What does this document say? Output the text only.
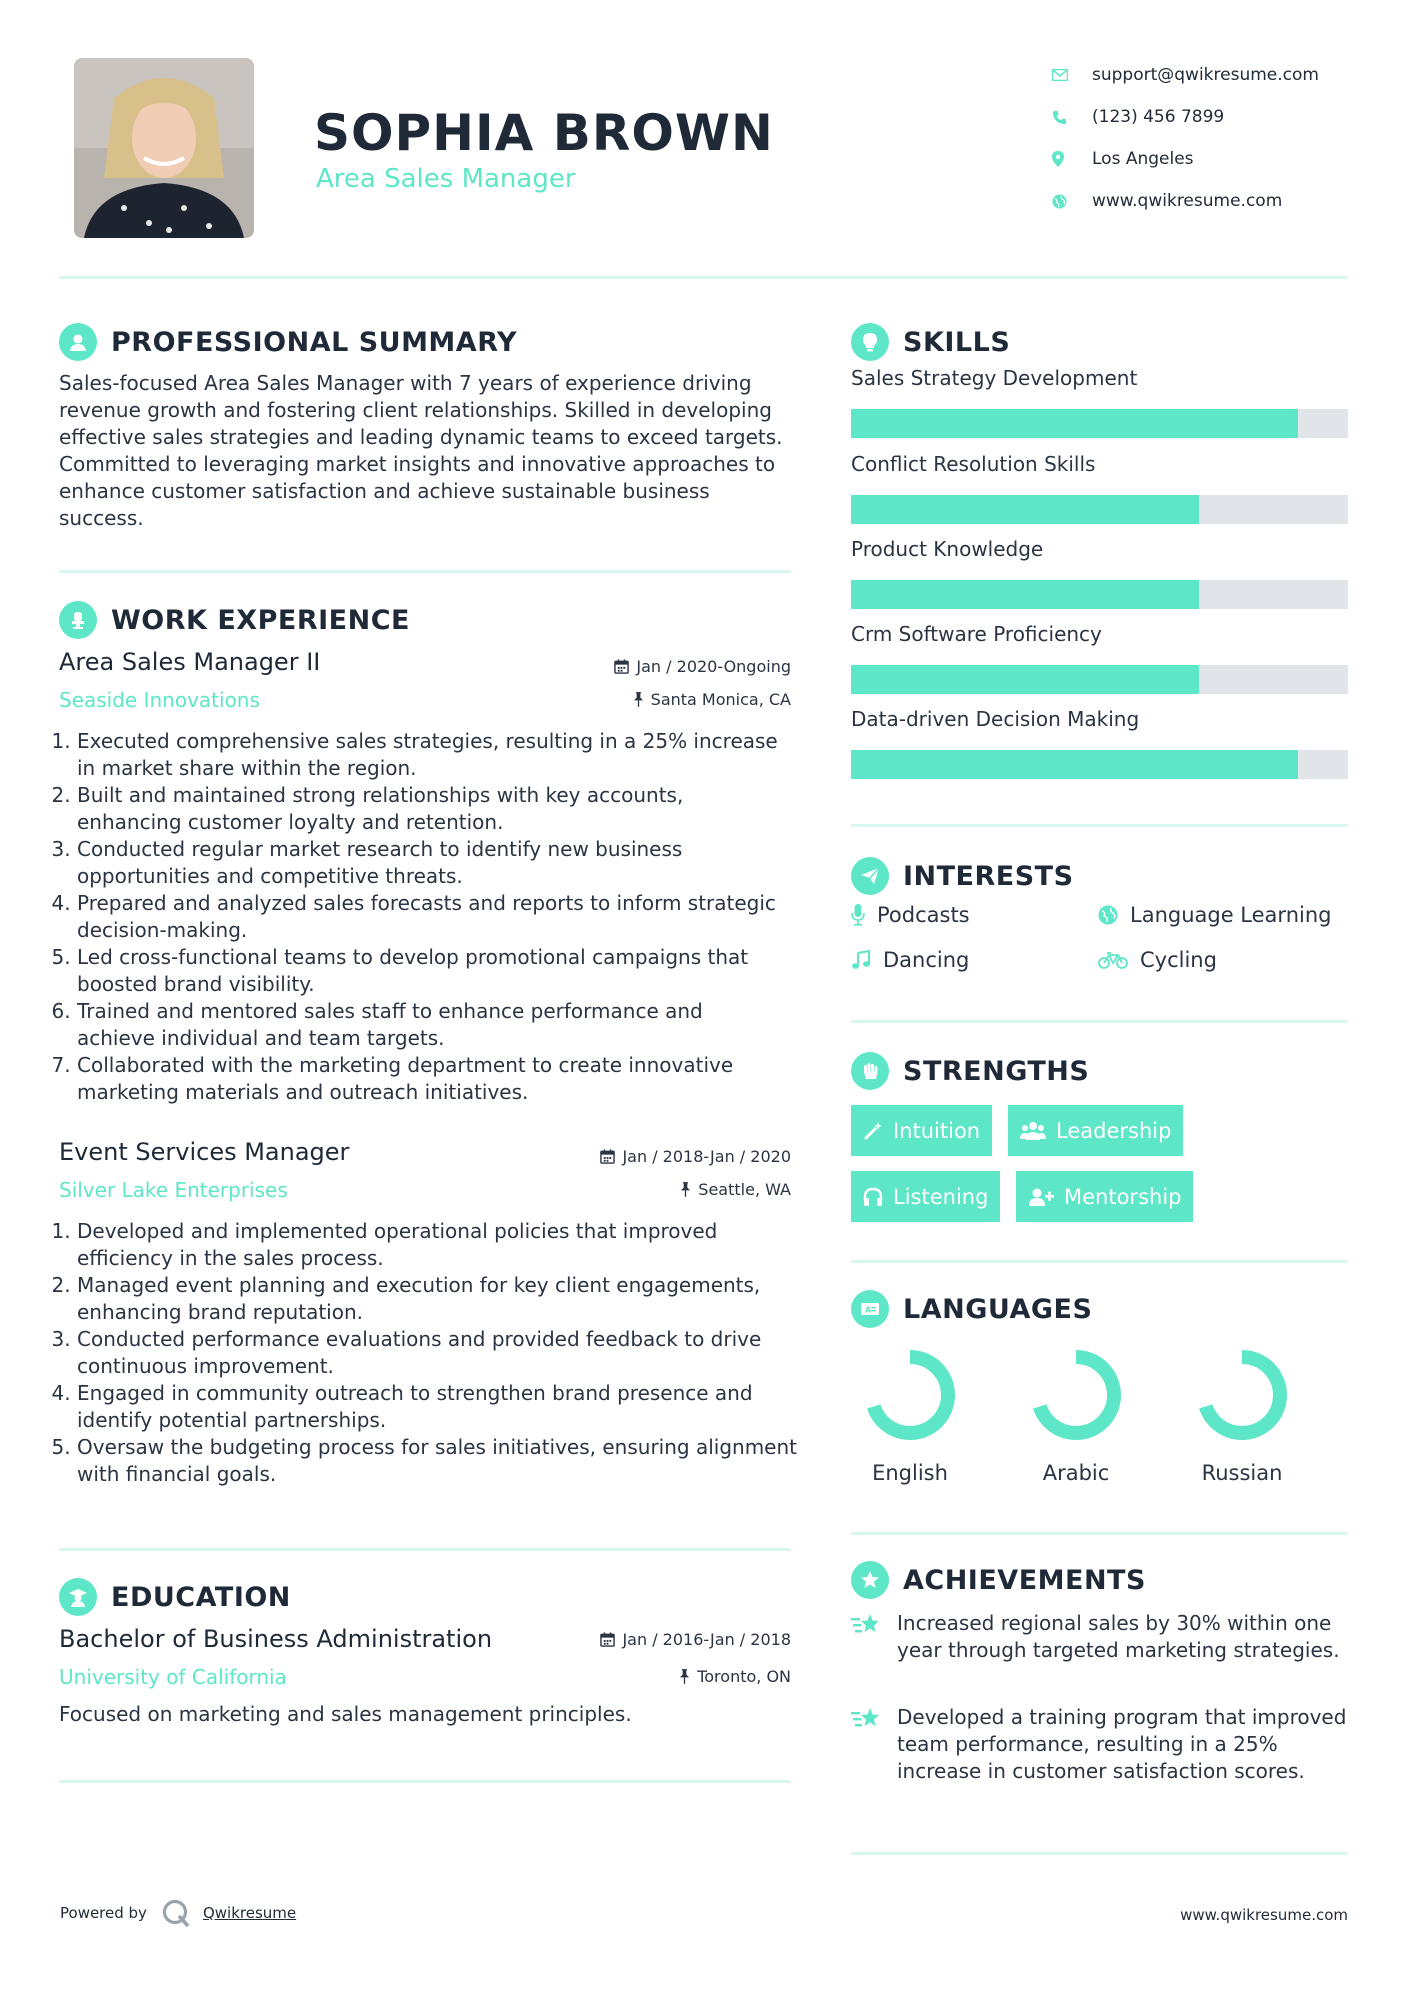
SOPHIA BROWN
Area Sales Manager
support@qwikresume.com
(123) 456 7899
Los Angeles
www.qwikresume.com
PROFESSIONAL SUMMARY
Sales-focused Area Sales Manager with 7 years of experience driving revenue growth and fostering client relationships. Skilled in developing effective sales strategies and leading dynamic teams to exceed targets. Committed to leveraging market insights and innovative approaches to enhance customer satisfaction and achieve sustainable business success.
WORK EXPERIENCE
Area Sales Manager II	Jan / 2020-Ongoing
Seaside Innovations	Santa Monica, CA
1. Executed comprehensive sales strategies, resulting in a 25% increase in market share within the region.
2. Built and maintained strong relationships with key accounts, enhancing customer loyalty and retention.
3. Conducted regular market research to identify new business opportunities and competitive threats.
4. Prepared and analyzed sales forecasts and reports to inform strategic decision-making.
5. Led cross-functional teams to develop promotional campaigns that boosted brand visibility.
6. Trained and mentored sales staff to enhance performance and achieve individual and team targets.
7. Collaborated with the marketing department to create innovative marketing materials and outreach initiatives.
Event Services Manager	Jan / 2018-Jan / 2020
Silver Lake Enterprises	Seattle, WA
1. Developed and implemented operational policies that improved efficiency in the sales process.
2. Managed event planning and execution for key client engagements, enhancing brand reputation.
3. Conducted performance evaluations and provided feedback to drive continuous improvement.
4. Engaged in community outreach to strengthen brand presence and identify potential partnerships.
5. Oversaw the budgeting process for sales initiatives, ensuring alignment with financial goals.
EDUCATION
Bachelor of Business Administration	Jan / 2016-Jan / 2018
University of California	Toronto, ON
Focused on marketing and sales management principles.
SKILLS
Sales Strategy Development
Conflict Resolution Skills
Product Knowledge
Crm Software Proficiency
Data-driven Decision Making
INTERESTS
Podcasts	Language Learning
Dancing	Cycling
STRENGTHS
Intuition	Leadership
Listening	Mentorship
A LANGUAGES
English	Arabic	Russian
ACHIEVEMENTS
Increased regional sales by 30% within one year through targeted marketing strategies.
Developed a training program that improved team performance, resulting in a 25% increase in customer satisfaction scores.
Powered by	Qwikresume	www.qwikresume.com
